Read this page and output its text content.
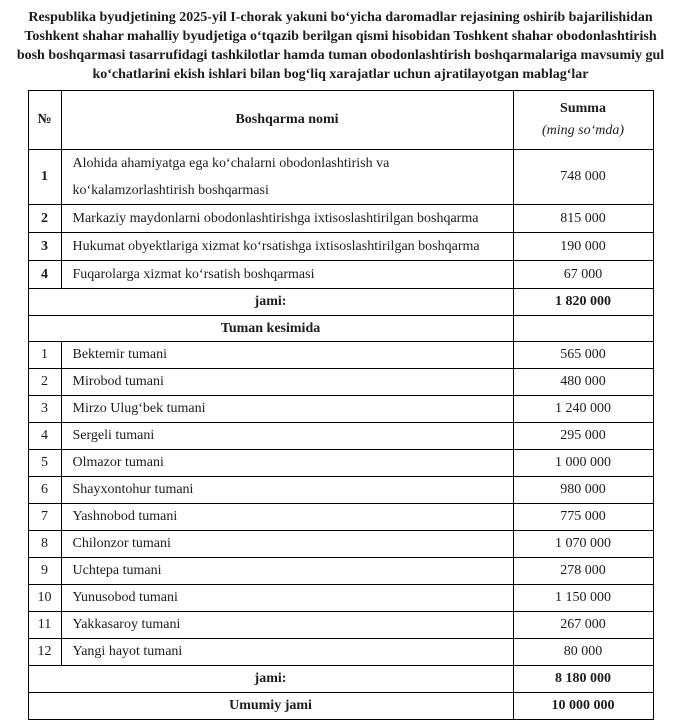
Respublika byudjetining 2025-yil I-chorak yakuni boʻyicha daromadlar rejasining oshirib bajarilishidan Toshkent shahar mahalliy byudjetiga oʻtqazib berilgan qismi hisobidan Toshkent shahar obodonlashtirish bosh boshqarmasi tasarrufidagi tashkilotlar hamda tuman obodonlashtirish boshqarmalariga mavsumiy gul koʻchatlarini ekish ishlari bilan bogʻliq xarajatlar uchun ajratilayotgan mablagʻlar
№	Boshqarma nomi	Summa
(ming soʻmda)

1	Alohida ahamiyatga ega koʻchalarni obodonlashtirish va koʻkalamzorlashtirish boshqarmasi	748 000
2	Markaziy maydonlarni obodonlashtirishga ixtisoslashtirilgan boshqarma	815 000
3	Hukumat obyektlariga xizmat koʻrsatishga ixtisoslashtirilgan boshqarma	190 000
4	Fuqarolarga xizmat koʻrsatish boshqarmasi	67 000
jami:		1 820 000
Tuman kesimida		
1	Bektemir tumani	565 000
2	Mirobod tumani	480 000
3	Mirzo Ulugʻbek tumani	1 240 000
4	Sergeli tumani	295 000
5	Olmazor tumani	1 000 000
6	Shayxontohur tumani	980 000
7	Yashnobod tumani	775 000
8	Chilonzor tumani	1 070 000
9	Uchtepa tumani	278 000
10	Yunusobod tumani	1 150 000
11	Yakkasaroy tumani	267 000
12	Yangi hayot tumani	80 000
jami:		8 180 000
Umumiy jami		10 000 000
